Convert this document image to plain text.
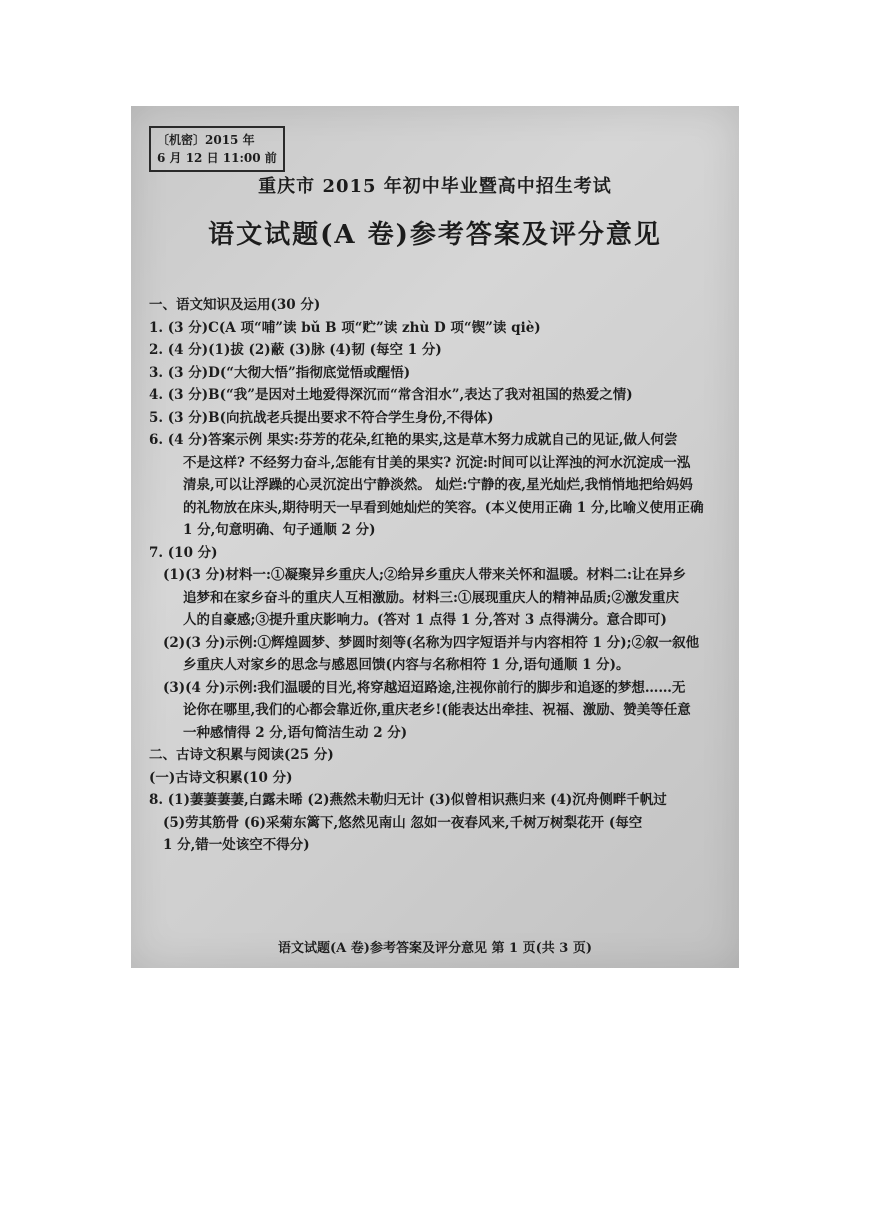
〔机密〕2015 年
6 月 12 日 11:00 前
重庆市 2015 年初中毕业暨高中招生考试
语文试题(A 卷)参考答案及评分意见
一、语文知识及运用(30 分)
1. (3 分)C(A 项“哺”读 bǔ B 项“贮”读 zhù D 项“锲”读 qiè)
2. (4 分)(1)拔 (2)蔽 (3)脉 (4)韧 (每空 1 分)
3. (3 分)D(“大彻大悟”指彻底觉悟或醒悟)
4. (3 分)B(“我”是因对土地爱得深沉而“常含泪水”,表达了我对祖国的热爱之情)
5. (3 分)B(向抗战老兵提出要求不符合学生身份,不得体)
6. (4 分)答案示例 果实:芬芳的花朵,红艳的果实,这是草木努力成就自己的见证,做人何尝
不是这样? 不经努力奋斗,怎能有甘美的果实? 沉淀:时间可以让浑浊的河水沉淀成一泓
清泉,可以让浮躁的心灵沉淀出宁静淡然。 灿烂:宁静的夜,星光灿烂,我悄悄地把给妈妈
的礼物放在床头,期待明天一早看到她灿烂的笑容。(本义使用正确 1 分,比喻义使用正确
1 分,句意明确、句子通顺 2 分)
7. (10 分)
(1)(3 分)材料一:①凝聚异乡重庆人;②给异乡重庆人带来关怀和温暖。材料二:让在异乡
追梦和在家乡奋斗的重庆人互相激励。材料三:①展现重庆人的精神品质;②激发重庆
人的自豪感;③提升重庆影响力。(答对 1 点得 1 分,答对 3 点得满分。意合即可)
(2)(3 分)示例:①辉煌圆梦、梦圆时刻等(名称为四字短语并与内容相符 1 分);②叙一叙他
乡重庆人对家乡的思念与感恩回馈(内容与名称相符 1 分,语句通顺 1 分)。
(3)(4 分)示例:我们温暖的目光,将穿越迢迢路途,注视你前行的脚步和追逐的梦想……无
论你在哪里,我们的心都会靠近你,重庆老乡!(能表达出牵挂、祝福、激励、赞美等任意
一种感情得 2 分,语句简洁生动 2 分)
二、古诗文积累与阅读(25 分)
(一)古诗文积累(10 分)
8. (1)萋萋萋萋,白露未晞 (2)燕然未勒归无计 (3)似曾相识燕归来 (4)沉舟侧畔千帆过
(5)劳其筋骨 (6)采菊东篱下,悠然见南山 忽如一夜春风来,千树万树梨花开 (每空
1 分,错一处该空不得分)
语文试题(A 卷)参考答案及评分意见 第 1 页(共 3 页)
